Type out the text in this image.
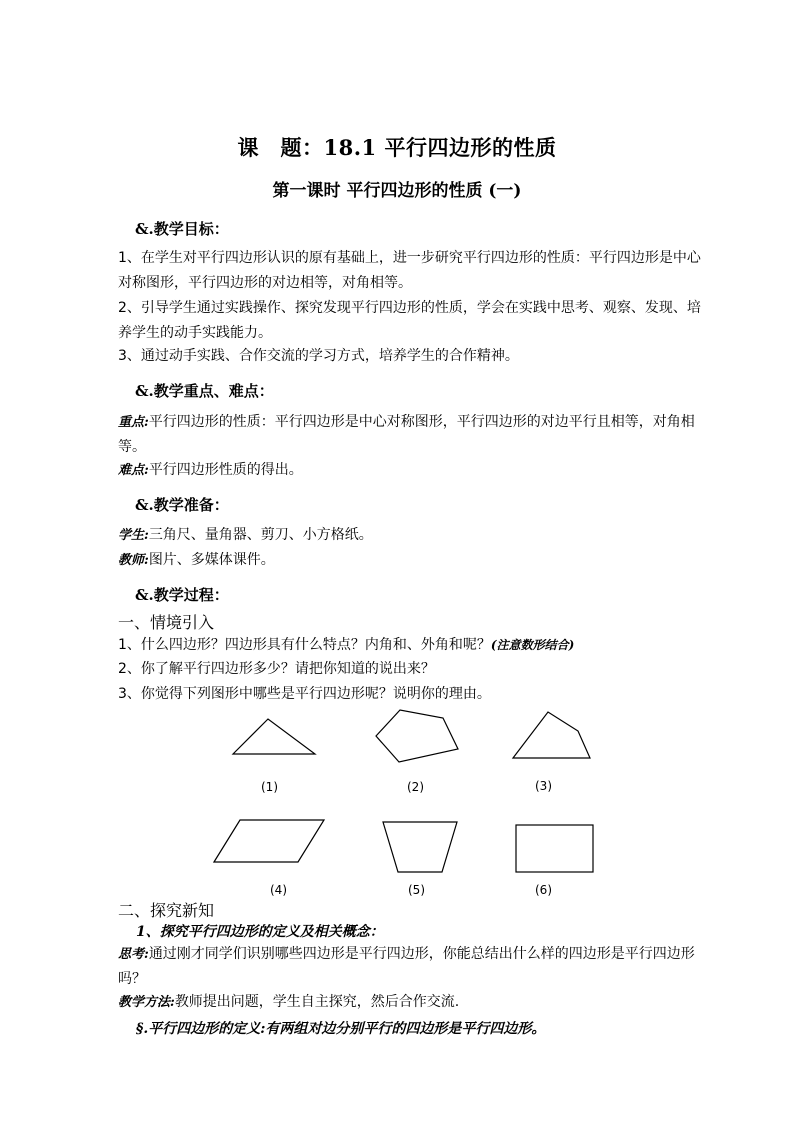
课　题：18.1 平行四边形的性质
第一课时 平行四边形的性质 (一)
&.教学目标：
1、在学生对平行四边形认识的原有基础上，进一步研究平行四边形的性质：平行四边形是中心对称图形，平行四边形的对边相等，对角相等。
2、引导学生通过实践操作、探究发现平行四边形的性质，学会在实践中思考、观察、发现、培养学生的动手实践能力。
3、通过动手实践、合作交流的学习方式，培养学生的合作精神。
&.教学重点、难点：
重点:平行四边形的性质：平行四边形是中心对称图形，平行四边形的对边平行且相等，对角相等。
难点:平行四边形性质的得出。
&.教学准备：
学生:三角尺、量角器、剪刀、小方格纸。
教师:图片、多媒体课件。
&.教学过程：
一、情境引入
1、什么四边形？四边形具有什么特点？内角和、外角和呢？(注意数形结合)
2、你了解平行四边形多少？请把你知道的说出来？
3、你觉得下列图形中哪些是平行四边形呢？说明你的理由。
(1)	(2)	(3)
(4)	(5)	(6)
二、探究新知
1、探究平行四边形的定义及相关概念：
思考:通过刚才同学们识别哪些四边形是平行四边形，你能总结出什么样的四边形是平行四边形吗？
教学方法:教师提出问题，学生自主探究，然后合作交流.
§.平行四边形的定义:有两组对边分别平行的四边形是平行四边形。
